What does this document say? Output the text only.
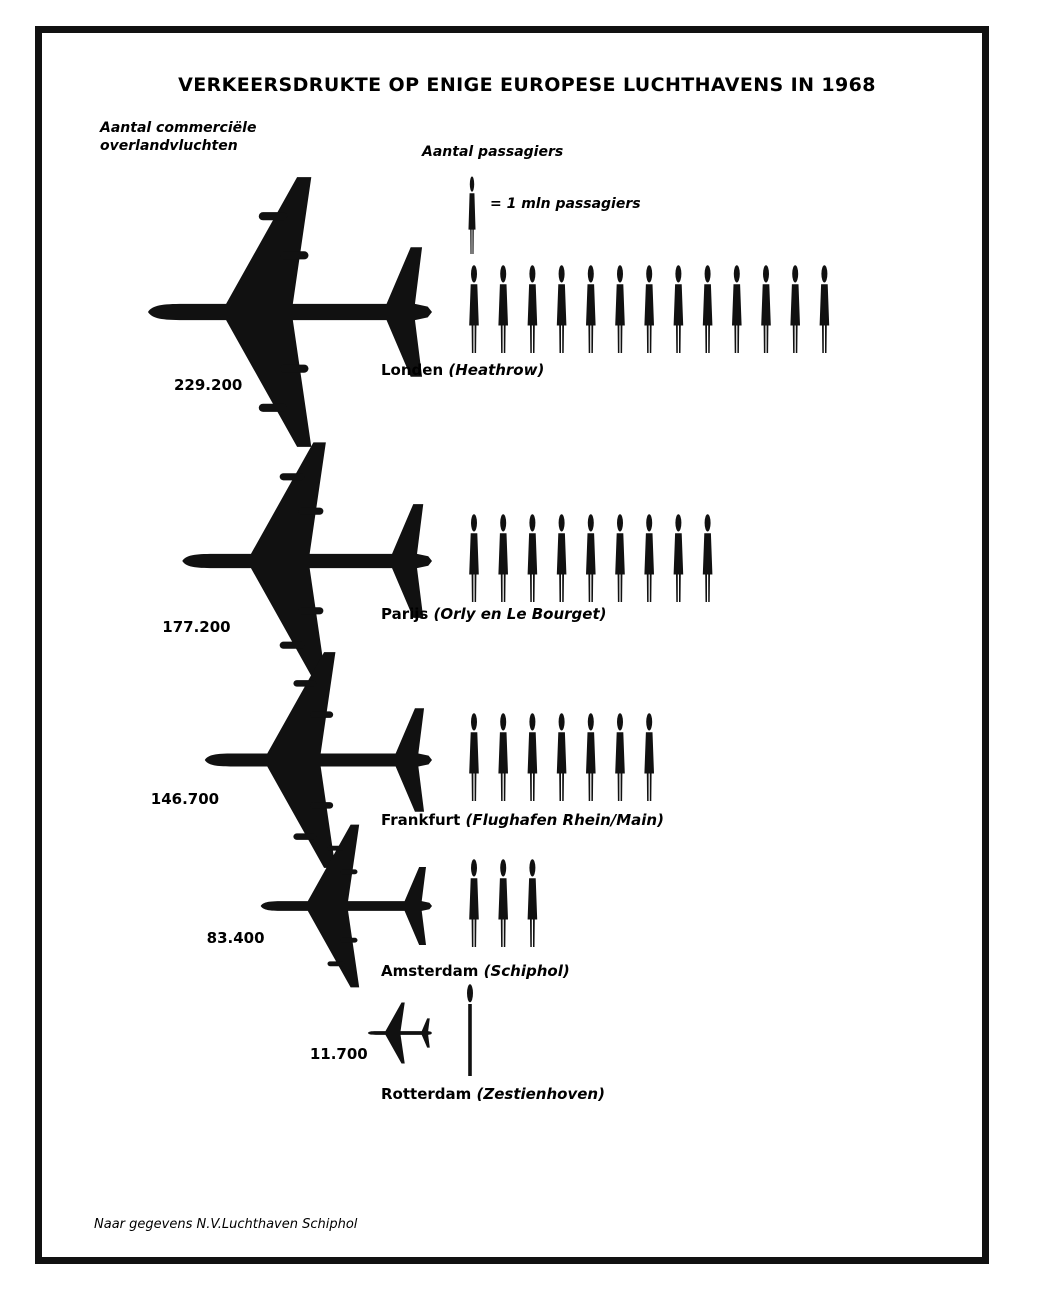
VERKEERSDRUKTE OP ENIGE EUROPESE LUCHTHAVENS IN 1968
Aantal commerciële
overlandvluchten	Aantal passagiers
= 1 mln passagiers
229.200
Londen (Heathrow)
177.200
Parijs (Orly en Le Bourget)
146.700
Frankfurt (Flughafen Rhein/Main)
83.400
Amsterdam (Schiphol)
11.700
Rotterdam (Zestienhoven)
Naar gegevens N.V.Luchthaven Schiphol
